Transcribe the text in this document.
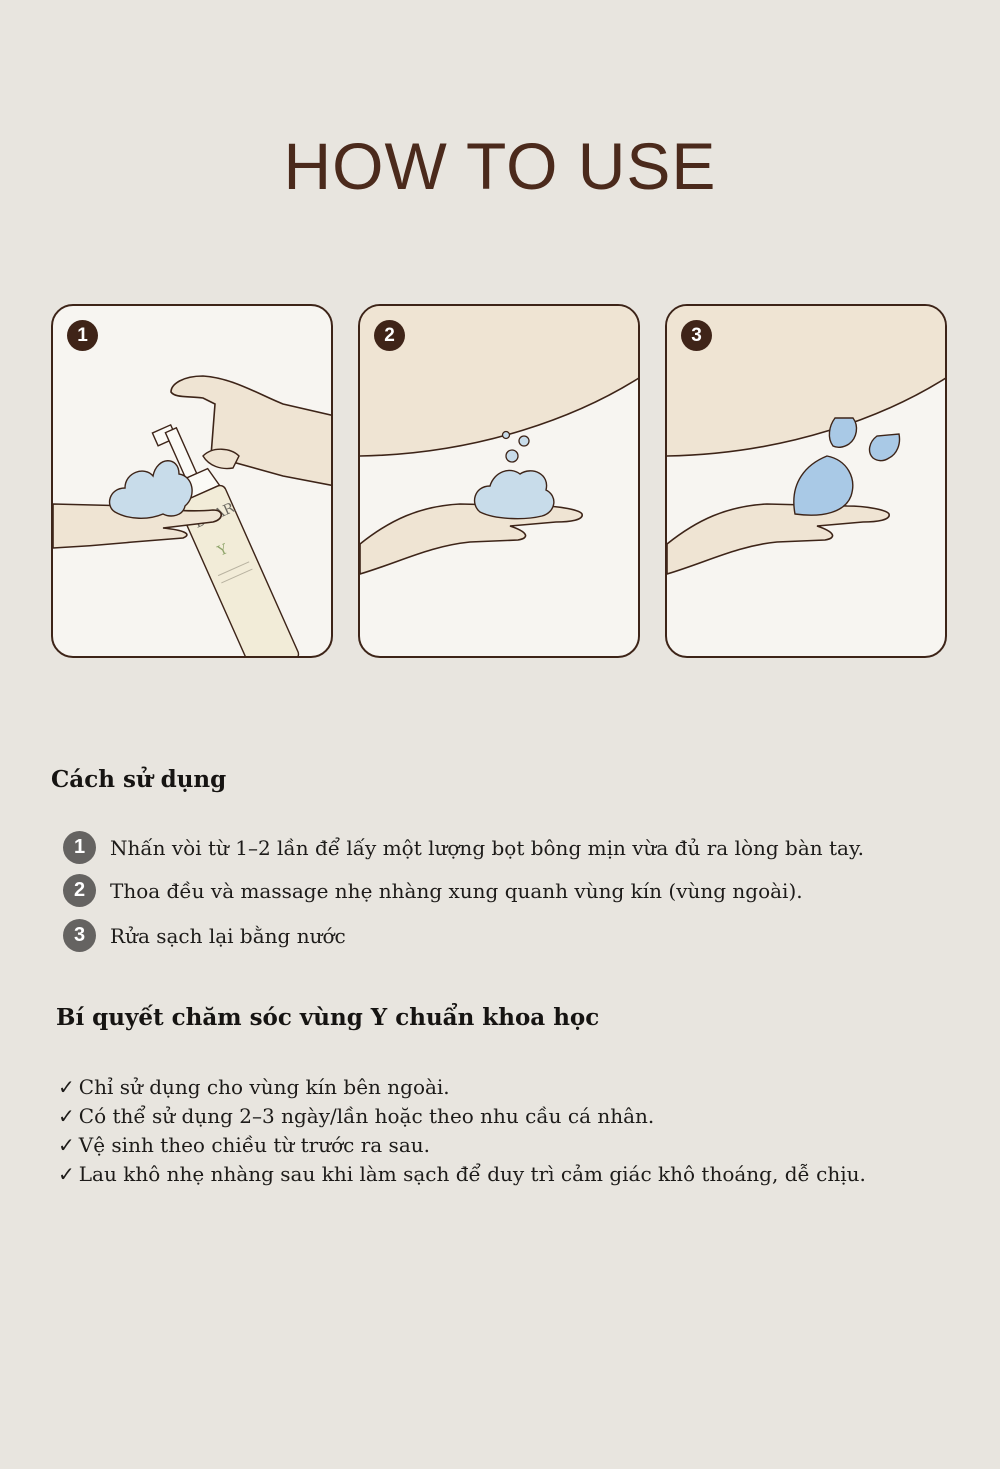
HOW TO USE
Y
1	2	3
Cách sử dụng
1	Nhấn vòi từ 1–2 lần để lấy một lượng bọt bông mịn vừa đủ ra lòng bàn tay.
2	Thoa đều và massage nhẹ nhàng xung quanh vùng kín (vùng ngoài).
3	Rửa sạch lại bằng nước
Bí quyết chăm sóc vùng Y chuẩn khoa học
✓ Chỉ sử dụng cho vùng kín bên ngoài.
✓ Có thể sử dụng 2–3 ngày/lần hoặc theo nhu cầu cá nhân.
✓ Vệ sinh theo chiều từ trước ra sau.
✓ Lau khô nhẹ nhàng sau khi làm sạch để duy trì cảm giác khô thoáng, dễ chịu.
